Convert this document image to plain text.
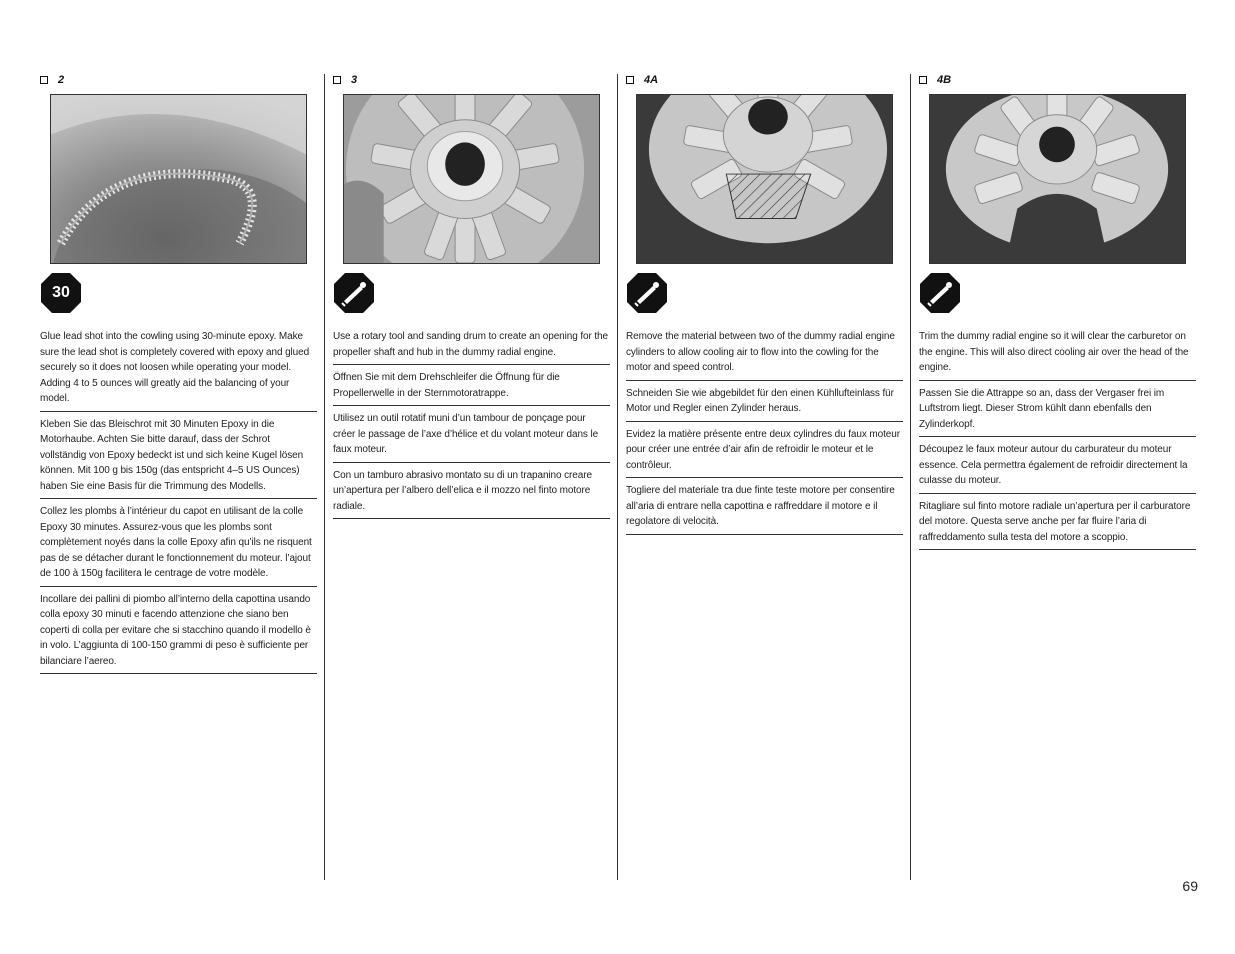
2
30

Glue lead shot into the cowling using 30-minute epoxy. Make sure the lead shot is completely covered with epoxy and glued securely so it does not loosen while operating your model. Adding 4 to 5 ounces will greatly aid the balancing of your model.

Kleben Sie das Bleischrot mit 30 Minuten Epoxy in die Motorhaube. Achten Sie bitte darauf, dass der Schrot vollständig von Epoxy bedeckt ist und sich keine Kugel lösen können. Mit 100 g bis 150g (das entspricht 4–5 US Ounces) haben Sie eine Basis für die Trimmung des Modells.

Collez les plombs à l’intérieur du capot en utilisant de la colle Epoxy 30 minutes. Assurez-vous que les plombs sont complètement noyés dans la colle Epoxy afin qu’ils ne risquent pas de se détacher durant le fonctionnement du moteur. l’ajout de 100 à 150g facilitera le centrage de votre modèle.

Incollare dei pallini di piombo all’interno della capottina usando colla epoxy 30 minuti e facendo attenzione che siano ben coperti di colla per evitare che si stacchino quando il modello è in volo. L’aggiunta di 100-150 grammi di peso è sufficiente per bilanciare l’aereo.

3

Use a rotary tool and sanding drum to create an opening for the propeller shaft and hub in the dummy radial engine.

Öffnen Sie mit dem Drehschleifer die Öffnung für die Propellerwelle in der Sternmotoratrappe.

Utilisez un outil rotatif muni d’un tambour de ponçage pour créer le passage de l’axe d’hélice et du volant moteur dans le faux moteur.

Con un tamburo abrasivo montato su di un trapanino creare un’apertura per l’albero dell’elica e il mozzo nel finto motore radiale.

4A

Remove the material between two of the dummy radial engine cylinders to allow cooling air to flow into the cowling for the motor and speed control.

Schneiden Sie wie abgebildet für den einen Kühllufteinlass für Motor und Regler einen Zylinder heraus.

Evidez la matière présente entre deux cylindres du faux moteur pour créer une entrée d’air afin de refroidir le moteur et le contrôleur.

Togliere del materiale tra due finte teste motore per consentire all’aria di entrare nella capottina e raffreddare il motore e il regolatore di velocità.

4B

Trim the dummy radial engine so it will clear the carburetor on the engine. This will also direct cooling air over the head of the engine.

Passen Sie die Attrappe so an, dass der Vergaser frei im Luftstrom liegt. Dieser Strom kühlt dann ebenfalls den Zylinderkopf.

Découpez le faux moteur autour du carburateur du moteur essence. Cela permettra également de refroidir directement la culasse du moteur.

Ritagliare sul finto motore radiale un’apertura per il carburatore del motore. Questa serve anche per far fluire l’aria di raffreddamento sulla testa del motore a scoppio.

69
